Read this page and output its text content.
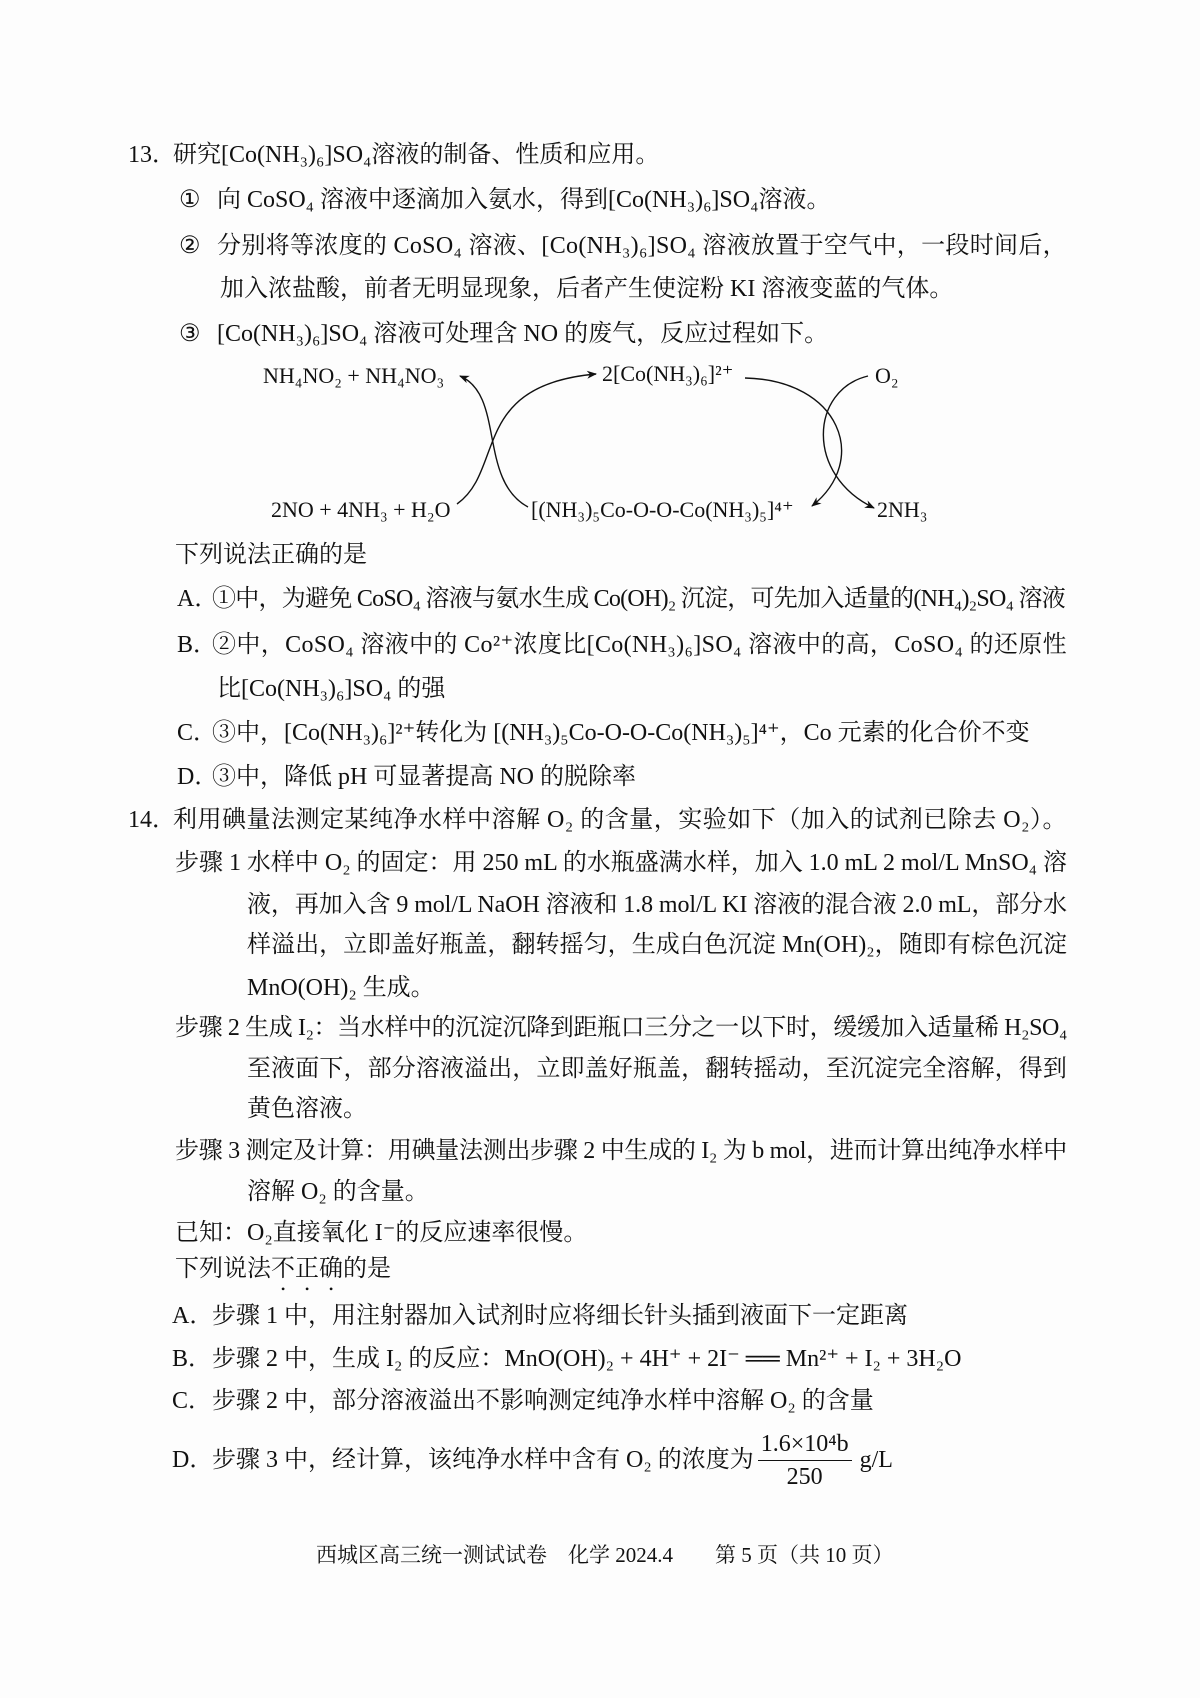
13．研究[Co(NH₃)₆]SO₄溶液的制备、性质和应用。
① 向 CoSO₄ 溶液中逐滴加入氨水，得到[Co(NH₃)₆]SO₄溶液。
② 分别将等浓度的 CoSO₄ 溶液、[Co(NH₃)₆]SO₄ 溶液放置于空气中，一段时间后，
加入浓盐酸，前者无明显现象，后者产生使淀粉 KI 溶液变蓝的气体。
③ [Co(NH₃)₆]SO₄ 溶液可处理含 NO 的废气，反应过程如下。
NH₄NO₂ + NH₄NO₃	2[Co(NH₃)₆]²⁺	O₂
2NO + 4NH₃ + H₂O	[(NH₃)₅Co-O-O-Co(NH₃)₅]⁴⁺	2NH₃
下列说法正确的是
A．①中，为避免 CoSO₄ 溶液与氨水生成 Co(OH)₂ 沉淀，可先加入适量的(NH₄)₂SO₄ 溶液
B．②中，CoSO₄ 溶液中的 Co²⁺浓度比[Co(NH₃)₆]SO₄ 溶液中的高，CoSO₄ 的还原性
比[Co(NH₃)₆]SO₄ 的强
C．③中，[Co(NH₃)₆]²⁺转化为 [(NH₃)₅Co-O-O-Co(NH₃)₅]⁴⁺，Co 元素的化合价不变
D．③中，降低 pH 可显著提高 NO 的脱除率
14．利用碘量法测定某纯净水样中溶解 O₂ 的含量，实验如下（加入的试剂已除去 O₂）。
步骤 1 水样中 O₂ 的固定：用 250 mL 的水瓶盛满水样，加入 1.0 mL 2 mol/L MnSO₄ 溶
液，再加入含 9 mol/L NaOH 溶液和 1.8 mol/L KI 溶液的混合液 2.0 mL，部分水
样溢出，立即盖好瓶盖，翻转摇匀，生成白色沉淀 Mn(OH)₂，随即有棕色沉淀
MnO(OH)₂ 生成。
步骤 2 生成 I₂：当水样中的沉淀沉降到距瓶口三分之一以下时，缓缓加入适量稀 H₂SO₄
至液面下，部分溶液溢出，立即盖好瓶盖，翻转摇动，至沉淀完全溶解，得到
黄色溶液。
步骤 3 测定及计算：用碘量法测出步骤 2 中生成的 I₂ 为 b mol，进而计算出纯净水样中
溶解 O₂ 的含量。
已知：O₂直接氧化 I⁻的反应速率很慢。
下列说法不正确的是
A．步骤 1 中，用注射器加入试剂时应将细长针头插到液面下一定距离
B．步骤 2 中，生成 I₂ 的反应：MnO(OH)₂ + 4H⁺ + 2I⁻ ══ Mn²⁺ + I₂ + 3H₂O
C．步骤 2 中，部分溶液溢出不影响测定纯净水样中溶解 O₂ 的含量
D．
步骤 3 中，经计算，该纯净水样中含有 O₂ 的浓度为 $\frac{\text{1.6×10⁴b}}{250} g/L$
西城区高三统一测试试卷　化学 2024.4　　第 5 页（共 10 页）
